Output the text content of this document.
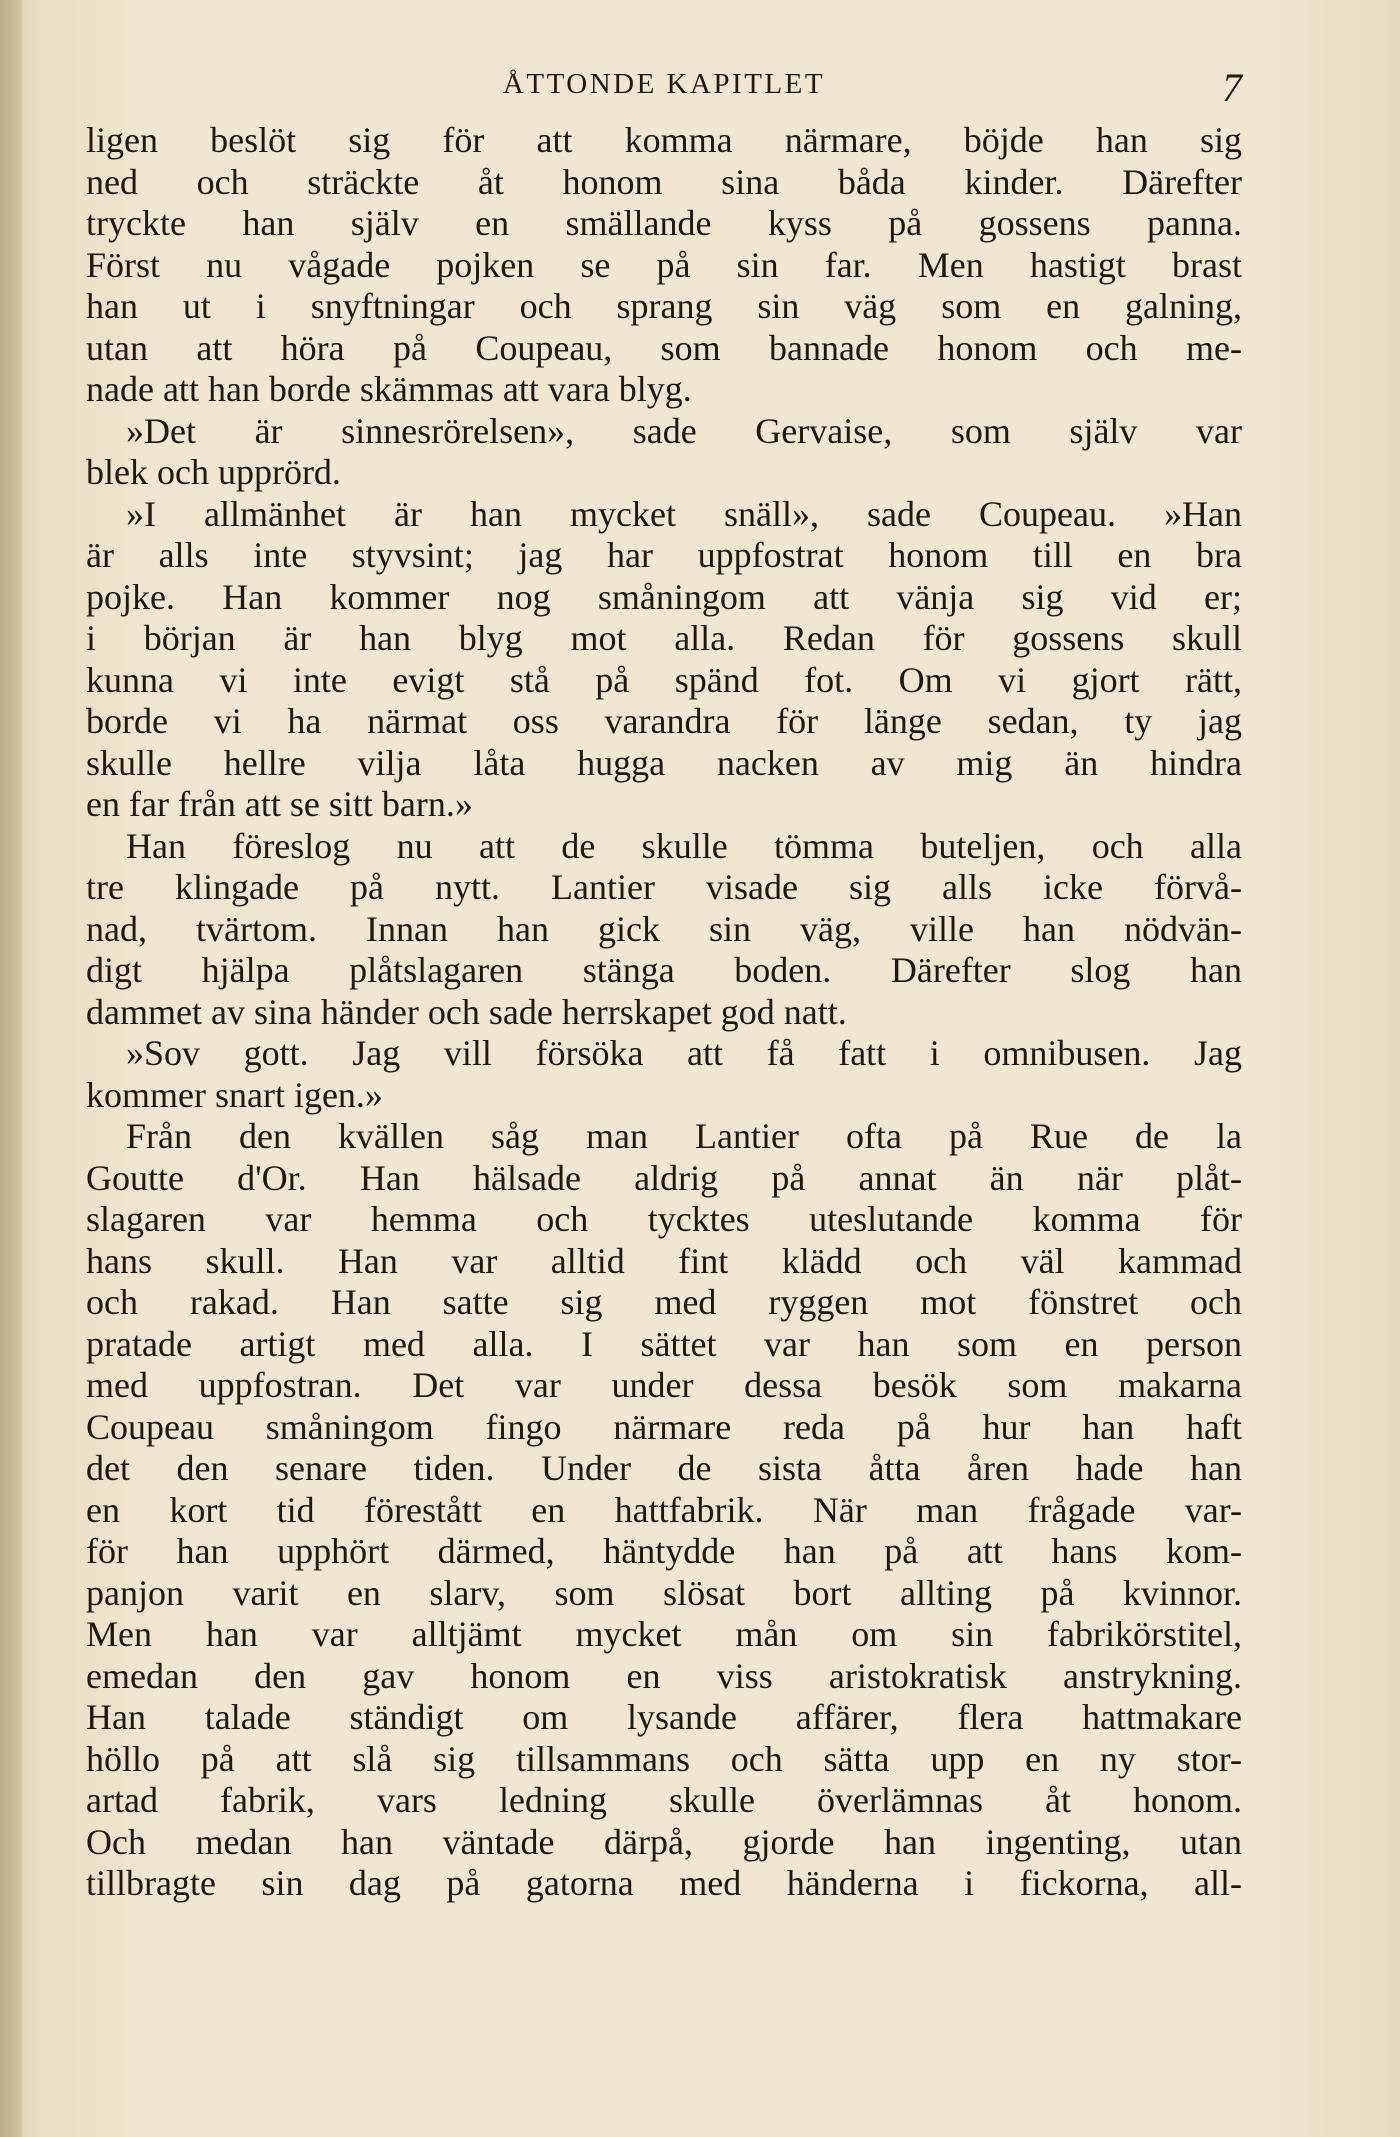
ÅTTONDE KAPITLET	7

ligen beslöt sig för att komma närmare, böjde han sig

ned och sträckte åt honom sina båda kinder. Därefter

tryckte han själv en smällande kyss på gossens panna.

Först nu vågade pojken se på sin far. Men hastigt brast

han ut i snyftningar och sprang sin väg som en galning,

utan att höra på Coupeau, som bannade honom och me-

nade att han borde skämmas att vara blyg.

»Det är sinnesrörelsen», sade Gervaise, som själv var

blek och upprörd.

»I allmänhet är han mycket snäll», sade Coupeau. »Han

är alls inte styvsint; jag har uppfostrat honom till en bra

pojke. Han kommer nog småningom att vänja sig vid er;

i början är han blyg mot alla. Redan för gossens skull

kunna vi inte evigt stå på spänd fot. Om vi gjort rätt,

borde vi ha närmat oss varandra för länge sedan, ty jag

skulle hellre vilja låta hugga nacken av mig än hindra

en far från att se sitt barn.»

Han föreslog nu att de skulle tömma buteljen, och alla

tre klingade på nytt. Lantier visade sig alls icke förvå-

nad, tvärtom. Innan han gick sin väg, ville han nödvän-

digt hjälpa plåtslagaren stänga boden. Därefter slog han

dammet av sina händer och sade herrskapet god natt.

»Sov gott. Jag vill försöka att få fatt i omnibusen. Jag

kommer snart igen.»

Från den kvällen såg man Lantier ofta på Rue de la

Goutte d'Or. Han hälsade aldrig på annat än när plåt-

slagaren var hemma och tycktes uteslutande komma för

hans skull. Han var alltid fint klädd och väl kammad

och rakad. Han satte sig med ryggen mot fönstret och

pratade artigt med alla. I sättet var han som en person

med uppfostran. Det var under dessa besök som makarna

Coupeau småningom fingo närmare reda på hur han haft

det den senare tiden. Under de sista åtta åren hade han

en kort tid förestått en hattfabrik. När man frågade var-

för han upphört därmed, häntydde han på att hans kom-

panjon varit en slarv, som slösat bort allting på kvinnor.

Men han var alltjämt mycket mån om sin fabrikörstitel,

emedan den gav honom en viss aristokratisk anstrykning.

Han talade ständigt om lysande affärer, flera hattmakare

höllo på att slå sig tillsammans och sätta upp en ny stor-

artad fabrik, vars ledning skulle överlämnas åt honom.

Och medan han väntade därpå, gjorde han ingenting, utan

tillbragte sin dag på gatorna med händerna i fickorna, all-
